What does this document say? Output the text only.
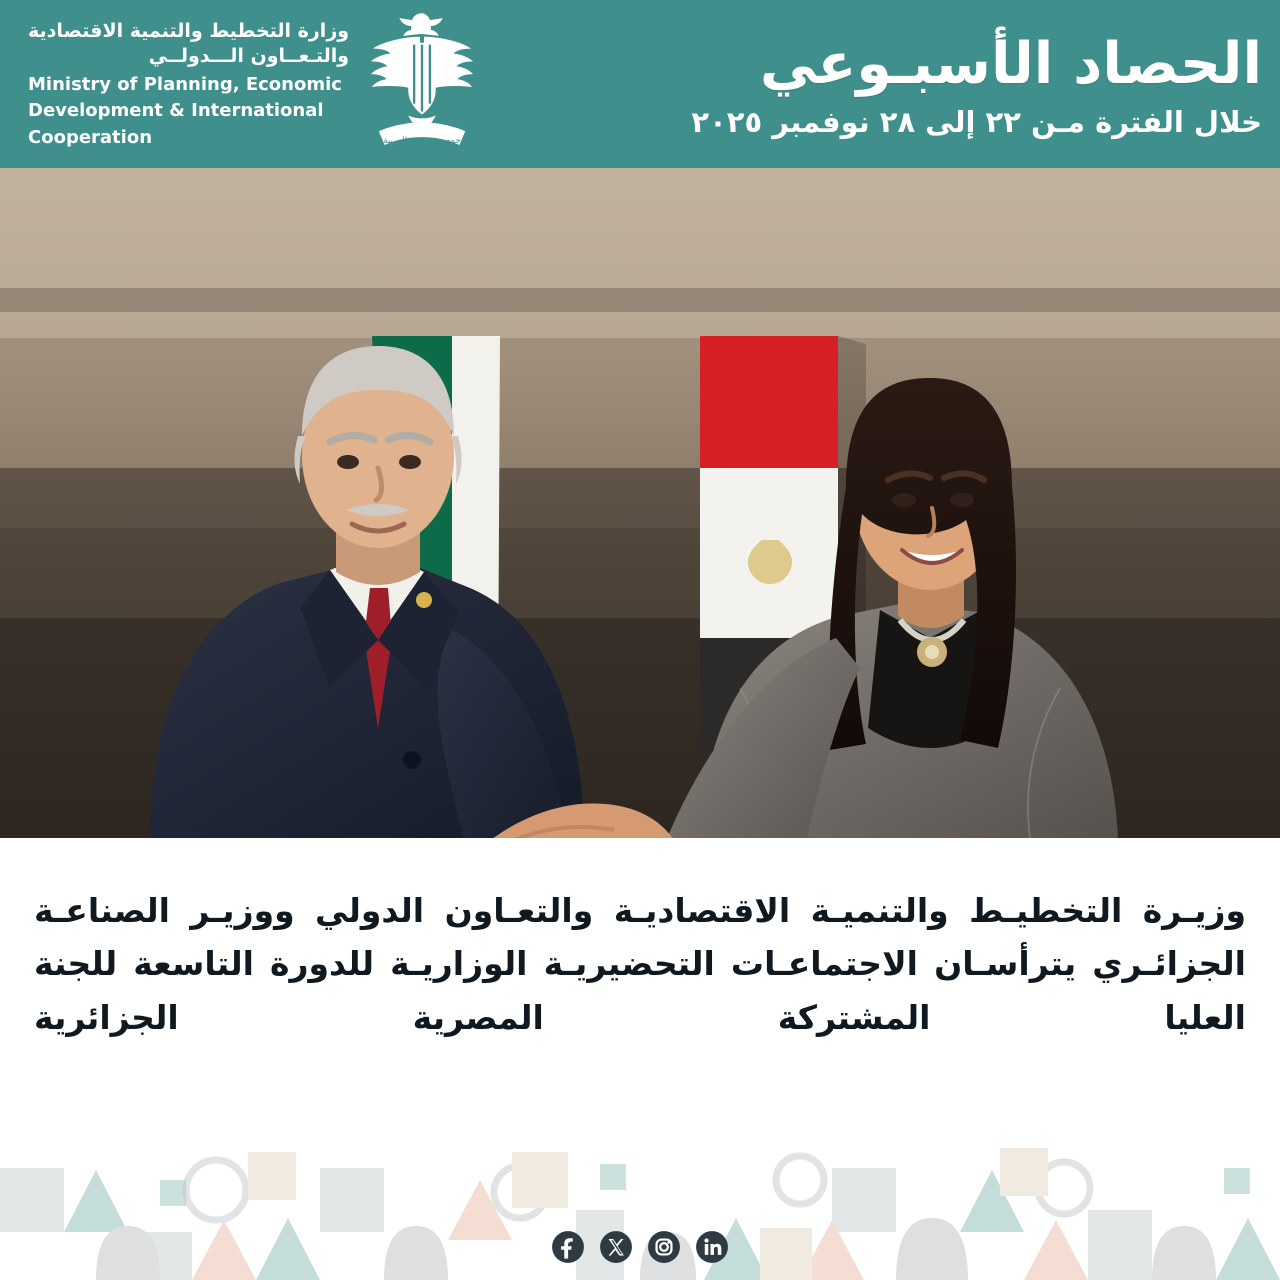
الحصاد الأسبـوعي
خلال الفترة مـن ٢٢ إلى ٢٨ نوفمبر ٢٠٢٥
وزارة التخطيط والتنمية الاقتصادية
والتـعــاون الـــدولــي
Ministry of Planning, Economic
Development & International
Cooperation	جمهورية مصر العربية
وزيـرة التخطيـط والتنميـة الاقتصاديـة والتعـاون الدولي ووزيـر الصناعـة الجزائـري يترأسـان الاجتماعـات التحضيريـة الوزاريـة للدورة التاسعة للجنة العليا المشتركة المصرية الجزائرية
